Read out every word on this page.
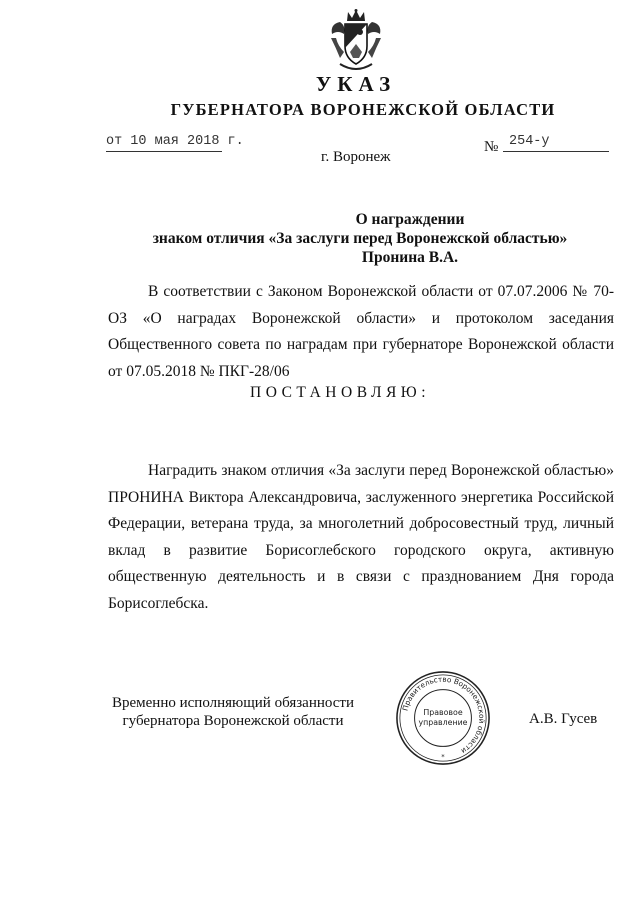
УКАЗ
ГУБЕРНАТОРА ВОРОНЕЖСКОЙ ОБЛАСТИ
от 10 мая 2018 г.	№ 254-у
г. Воронеж
О награждении
знаком отличия «За заслуги перед Воронежской областью»
Пронина В.А.
В соответствии с Законом Воронежской области от 07.07.2006 № 70-ОЗ «О наградах Воронежской области» и протоколом заседания Общественного совета по наградам при губернаторе Воронежской области от 07.05.2018 № ПКГ-28/06
ПОСТАНОВЛЯЮ:
Наградить знаком отличия «За заслуги перед Воронежской областью» ПРОНИНА Виктора Александровича, заслуженного энергетика Российской Федерации, ветерана труда, за многолетний добросовестный труд, личный вклад в развитие Борисоглебского городского округа, активную общественную деятельность и в связи с празднованием Дня города Борисоглебска.
Временно исполняющий обязанности
губернатора Воронежской области
Правительство Воронежской области
Правовое
управление
*
А.В. Гусев
